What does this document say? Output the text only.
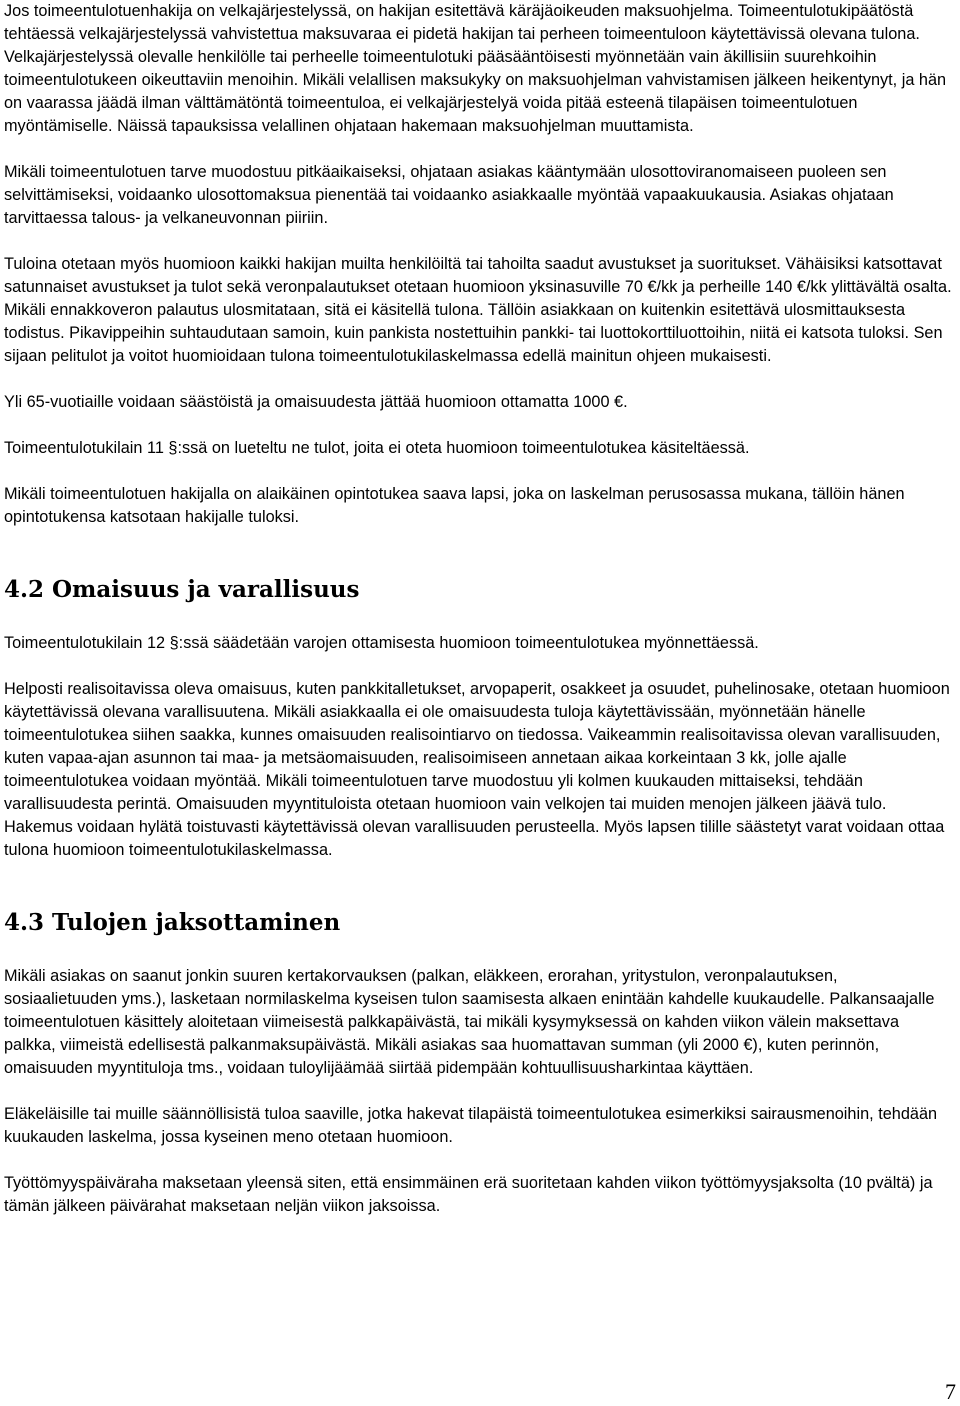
Jos toimeentulotuenhakija on velkajärjestelyssä, on hakijan esitettävä käräjäoikeuden maksuohjelma. Toimeentulotukipäätöstä tehtäessä velkajärjestelyssä vahvistettua maksuvaraa ei pidetä hakijan tai perheen toimeentuloon käytettävissä olevana tulona. Velkajärjestelyssä olevalle henkilölle tai perheelle toimeentulotuki pääsääntöisesti myönnetään vain äkillisiin suurehkoihin toimeentulotukeen oikeuttaviin menoihin. Mikäli velallisen maksukyky on maksuohjelman vahvistamisen jälkeen heikentynyt, ja hän on vaarassa jäädä ilman välttämätöntä toimeentuloa, ei velkajärjestelyä voida pitää esteenä tilapäisen toimeentulotuen myöntämiselle. Näissä tapauksissa velallinen ohjataan hakemaan maksuohjelman muuttamista.

Mikäli toimeentulotuen tarve muodostuu pitkäaikaiseksi, ohjataan asiakas kääntymään ulosottoviranomaiseen puoleen sen selvittämiseksi, voidaanko ulosottomaksua pienentää tai voidaanko asiakkaalle myöntää vapaakuukausia. Asiakas ohjataan tarvittaessa talous- ja velkaneuvonnan piiriin.

Tuloina otetaan myös huomioon kaikki hakijan muilta henkilöiltä tai tahoilta saadut avustukset ja suoritukset. Vähäisiksi katsottavat satunnaiset avustukset ja tulot sekä veronpalautukset otetaan huomioon yksinasuville 70 €/kk ja perheille 140 €/kk ylittävältä osalta. Mikäli ennakkoveron palautus ulosmitataan, sitä ei käsitellä tulona. Tällöin asiakkaan on kuitenkin esitettävä ulosmittauksesta todistus. Pikavippeihin suhtaudutaan samoin, kuin pankista nostettuihin pankki- tai luottokorttiluottoihin, niitä ei katsota tuloksi. Sen sijaan pelitulot ja voitot huomioidaan tulona toimeentulotukilaskelmassa edellä mainitun ohjeen mukaisesti.

Yli 65-vuotiaille voidaan säästöistä ja omaisuudesta jättää huomioon ottamatta 1000 €.

Toimeentulotukilain 11 §:ssä on lueteltu ne tulot, joita ei oteta huomioon toimeentulotukea käsiteltäessä.

Mikäli toimeentulotuen hakijalla on alaikäinen opintotukea saava lapsi, joka on laskelman perusosassa mukana, tällöin hänen opintotukensa katsotaan hakijalle tuloksi.

4.2 Omaisuus ja varallisuus

Toimeentulotukilain 12 §:ssä säädetään varojen ottamisesta huomioon toimeentulotukea myönnettäessä.

Helposti realisoitavissa oleva omaisuus, kuten pankkitalletukset, arvopaperit, osakkeet ja osuudet, puhelinosake, otetaan huomioon käytettävissä olevana varallisuutena. Mikäli asiakkaalla ei ole omaisuudesta tuloja käytettävissään, myönnetään hänelle toimeentulotukea siihen saakka, kunnes omaisuuden realisointiarvo on tiedossa. Vaikeammin realisoitavissa olevan varallisuuden, kuten vapaa-ajan asunnon tai maa- ja metsäomaisuuden, realisoimiseen annetaan aikaa korkeintaan 3 kk, jolle ajalle toimeentulotukea voidaan myöntää. Mikäli toimeentulotuen tarve muodostuu yli kolmen kuukauden mittaiseksi, tehdään varallisuudesta perintä. Omaisuuden myyntituloista otetaan huomioon vain velkojen tai muiden menojen jälkeen jäävä tulo. Hakemus voidaan hylätä toistuvasti käytettävissä olevan varallisuuden perusteella. Myös lapsen tilille säästetyt varat voidaan ottaa tulona huomioon toimeentulotukilaskelmassa.

4.3 Tulojen jaksottaminen

Mikäli asiakas on saanut jonkin suuren kertakorvauksen (palkan, eläkkeen, erorahan, yritystulon, veronpalautuksen, sosiaalietuuden yms.), lasketaan normilaskelma kyseisen tulon saamisesta alkaen enintään kahdelle kuukaudelle. Palkansaajalle toimeentulotuen käsittely aloitetaan viimeisestä palkkapäivästä, tai mikäli kysymyksessä on kahden viikon välein maksettava palkka, viimeistä edellisestä palkanmaksupäivästä. Mikäli asiakas saa huomattavan summan (yli 2000 €), kuten perinnön, omaisuuden myyntituloja tms., voidaan tuloylijäämää siirtää pidempään kohtuullisuusharkintaa käyttäen.

Eläkeläisille tai muille säännöllisistä tuloa saaville, jotka hakevat tilapäistä toimeentulotukea esimerkiksi sairausmenoihin, tehdään kuukauden laskelma, jossa kyseinen meno otetaan huomioon.

Työttömyyspäiväraha maksetaan yleensä siten, että ensimmäinen erä suoritetaan kahden viikon työttömyysjaksolta (10 pvältä) ja tämän jälkeen päivärahat maksetaan neljän viikon jaksoissa.

7
